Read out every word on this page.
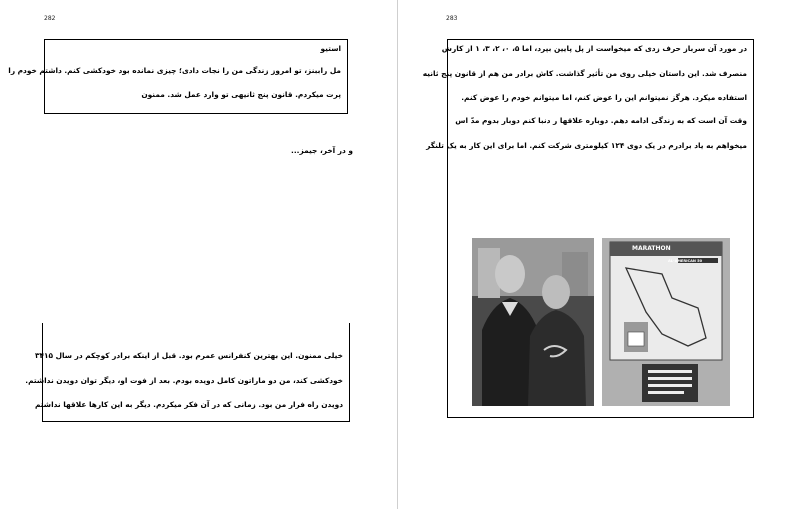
282
استیو
مل راببنز، تو امروز زندگی من را نجات دادی؛ چیزی نمانده بود خودکشی کنم. داشتم خودم را
پرت میکردم. قانون پنج ثانیهی تو وارد عمل شد. ممنون
و در آخر، جیمز...
خیلی ممنون. این بهترین کنفرانس عمرم بود. قبل از اینکه برادر کوچکم در سال ۳۴۱۵
خودکشی کند، من دو ماراتون کامل دویده بودم. بعد از فوت او، دیگر توان دویدن نداشتم.
دویدن راه فرار من بود. زمانی که در آن فکر میکردم. دیگر به این کارها علاقها نداشتم
283
در مورد آن سرباز حرف زدی که میخواست از پل پایین بپرد، اما ۵، ۰، ۲، ۳، ۱ از کارش
منصرف شد. این داستان خیلی روی من تأثیر گذاشت. کاش برادر من هم از قانون پنج ثانیه
استفاده میکرد. هرگز نمیتوانم این را عوض کنم، اما میتوانم خودم را عوض کنم.
وقت آن است که به زندگی ادامه دهم. دوباره علاقها ر دنبا کنم دوبار بدوم مدّ اس
میخواهم به یاد برادرم در یک دوی ۱۲۴ کیلومتری شرکت کنم. اما برای این کار به یک تلنگر
MARATHON
AL-AMERICAN 50
